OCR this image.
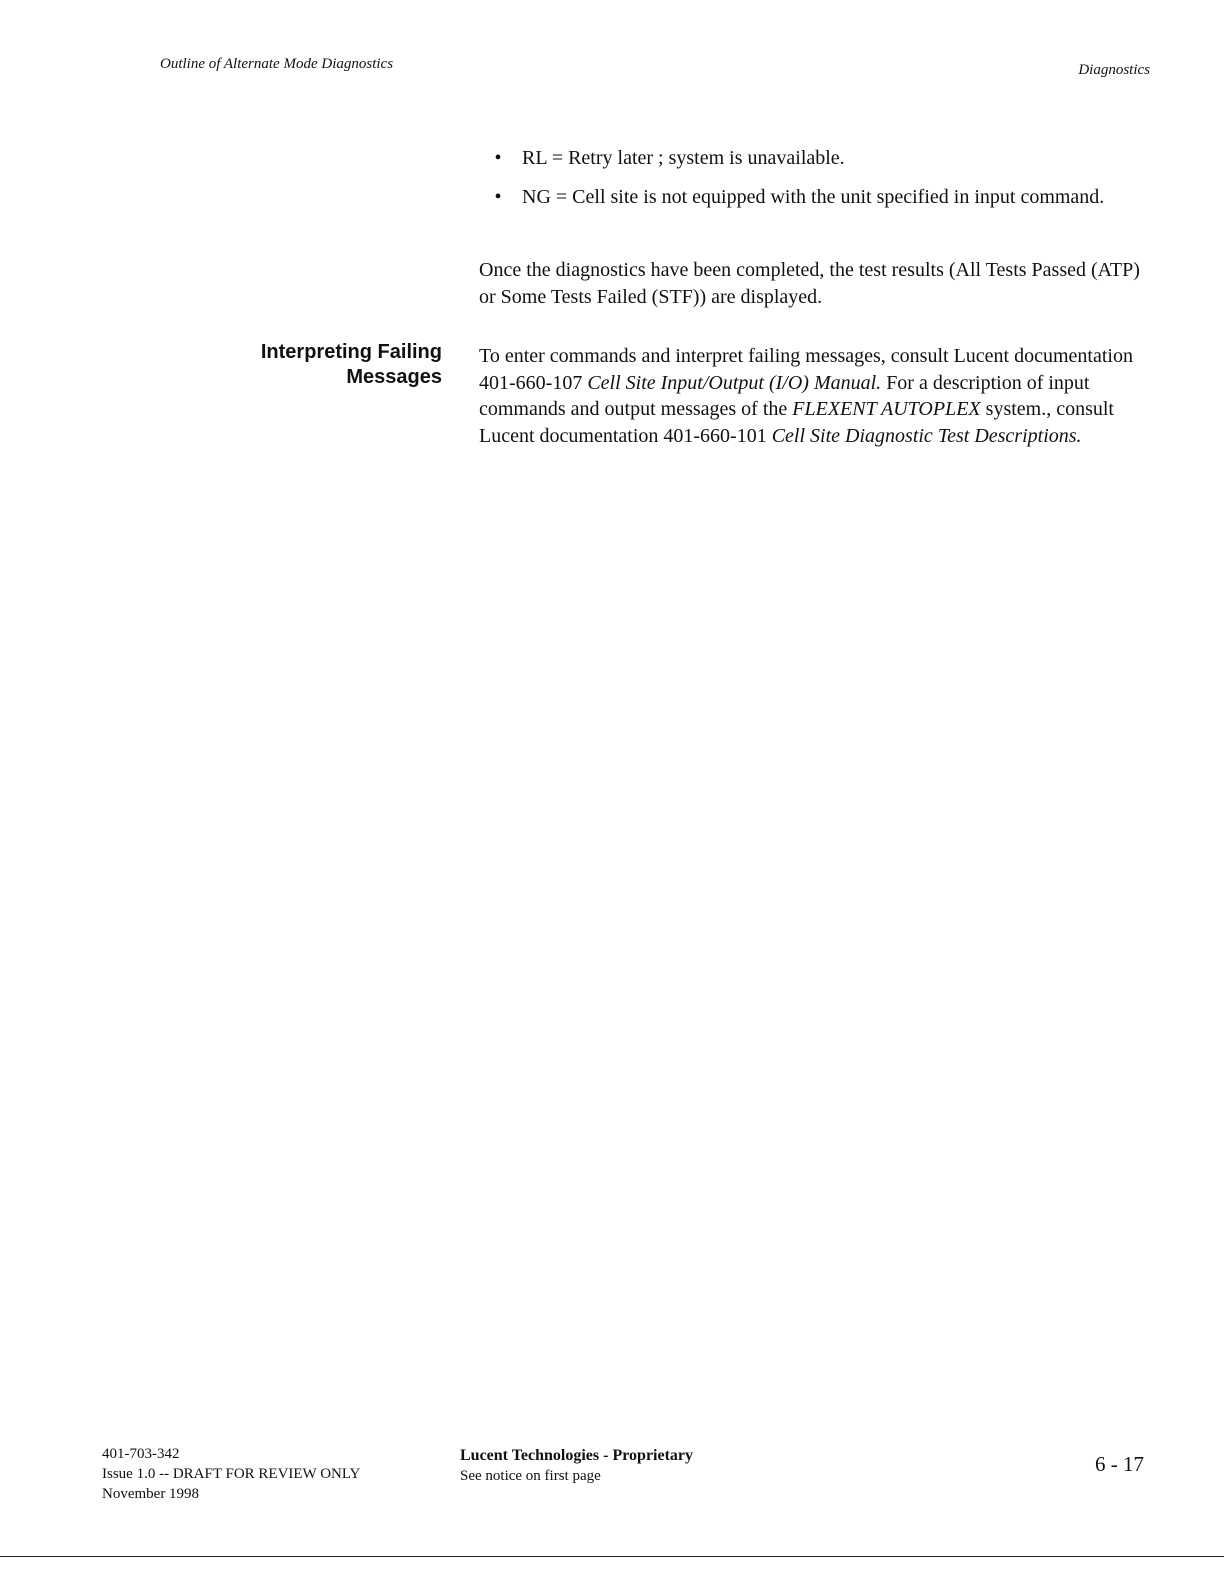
Outline of Alternate Mode Diagnostics	Diagnostics
•	RL = Retry later ; system is unavailable.
•	NG = Cell site is not equipped with the unit specified in input command.

Once the diagnostics have been completed, the test results (All Tests Passed (ATP) or Some Tests Failed (STF)) are displayed.

Interpreting Failing
Messages

To enter commands and interpret failing messages, consult Lucent documentation 401-660-107 Cell Site Input/Output (I/O) Manual. For a description of input commands and output messages of the FLEXENT AUTOPLEX system., consult Lucent documentation 401-660-101 Cell Site Diagnostic Test Descriptions.

401-703-342
Issue 1.0 -- DRAFT FOR REVIEW ONLY
November 1998
Lucent Technologies - Proprietary
See notice on first page	6 - 17
